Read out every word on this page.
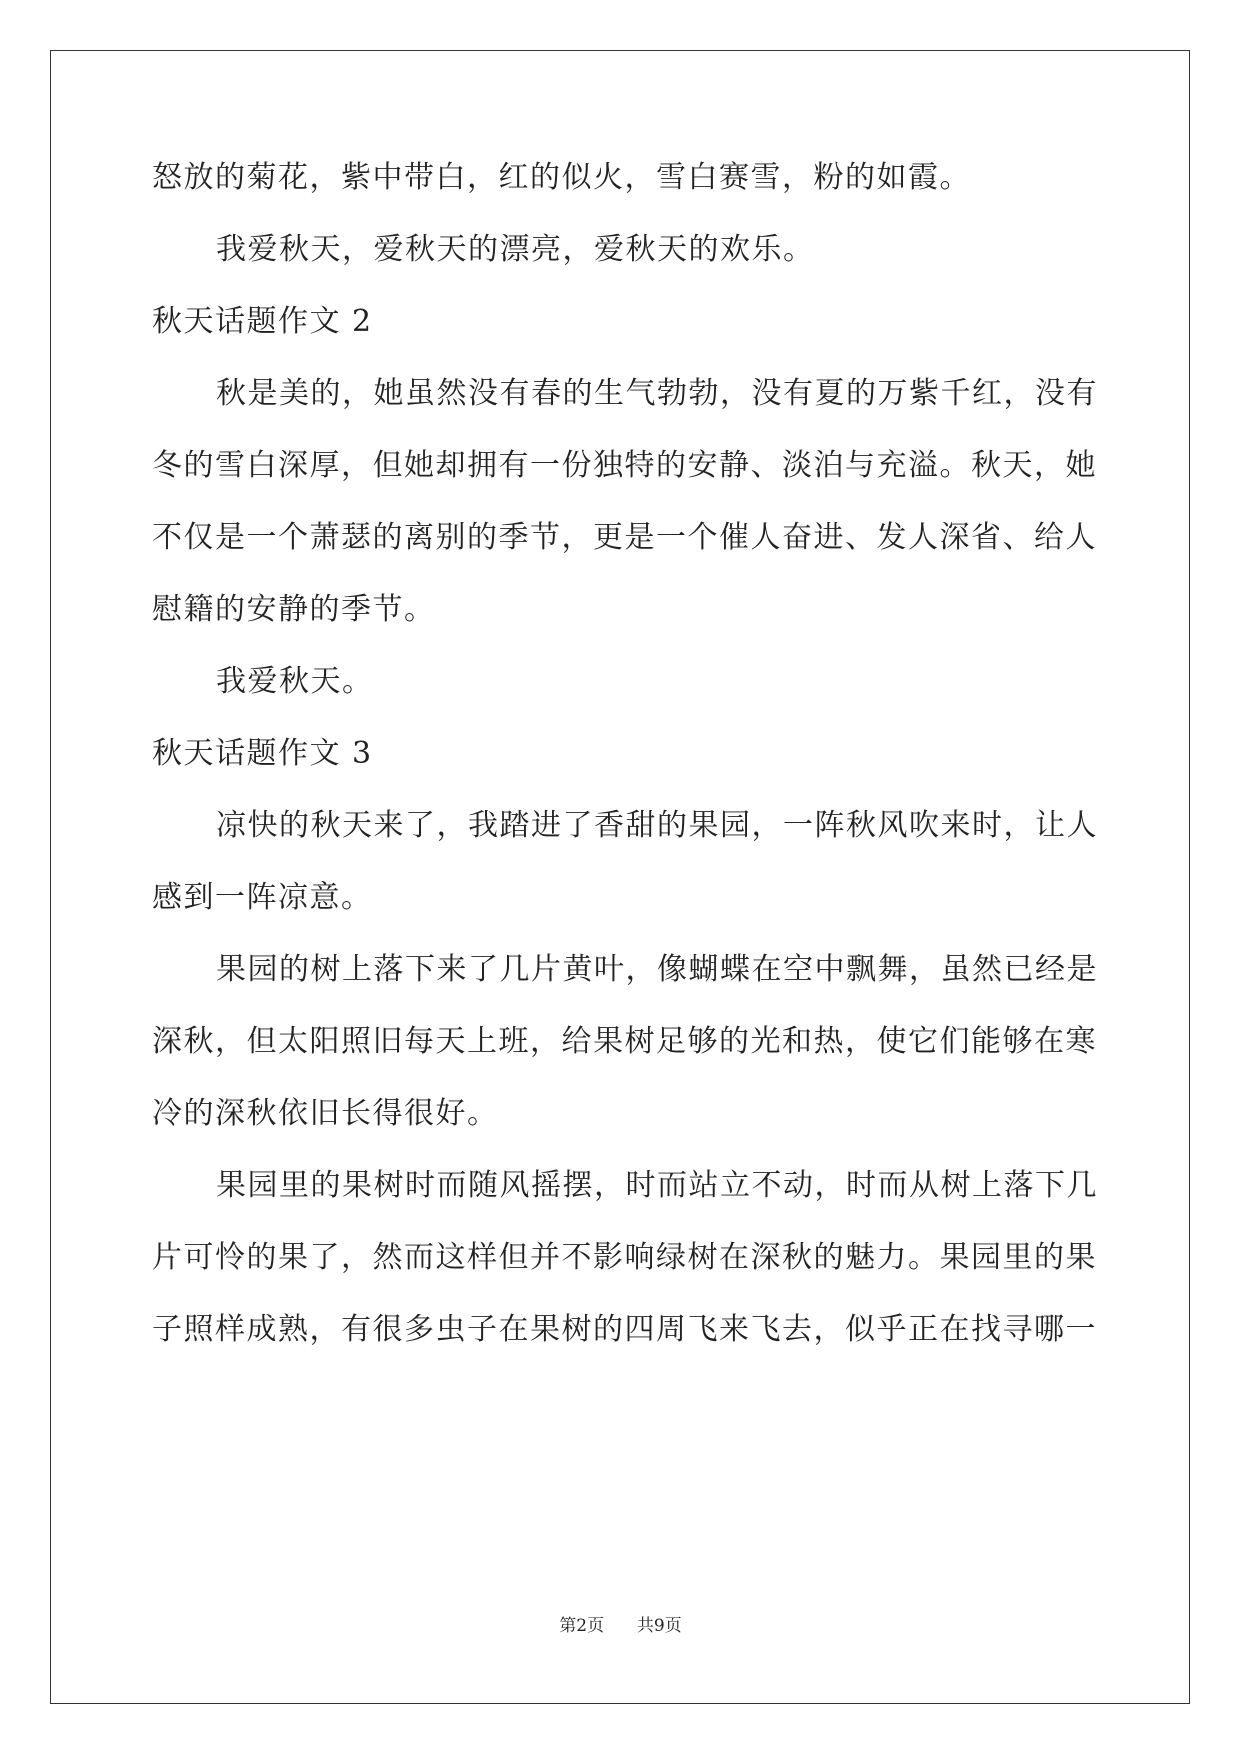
怒放的菊花，紫中带白，红的似火，雪白赛雪，粉的如霞。
我爱秋天，爱秋天的漂亮，爱秋天的欢乐。
秋天话题作文 2
秋是美的，她虽然没有春的生气勃勃，没有夏的万紫千红，没有
冬的雪白深厚，但她却拥有一份独特的安静、淡泊与充溢。秋天，她
不仅是一个萧瑟的离别的季节，更是一个催人奋进、发人深省、给人
慰籍的安静的季节。
我爱秋天。
秋天话题作文 3
凉快的秋天来了，我踏进了香甜的果园，一阵秋风吹来时，让人
感到一阵凉意。
果园的树上落下来了几片黄叶，像蝴蝶在空中飘舞，虽然已经是
深秋，但太阳照旧每天上班，给果树足够的光和热，使它们能够在寒
冷的深秋依旧长得很好。
果园里的果树时而随风摇摆，时而站立不动，时而从树上落下几
片可怜的果了，然而这样但并不影响绿树在深秋的魅力。果园里的果
子照样成熟，有很多虫子在果树的四周飞来飞去，似乎正在找寻哪一
第2页 共9页
